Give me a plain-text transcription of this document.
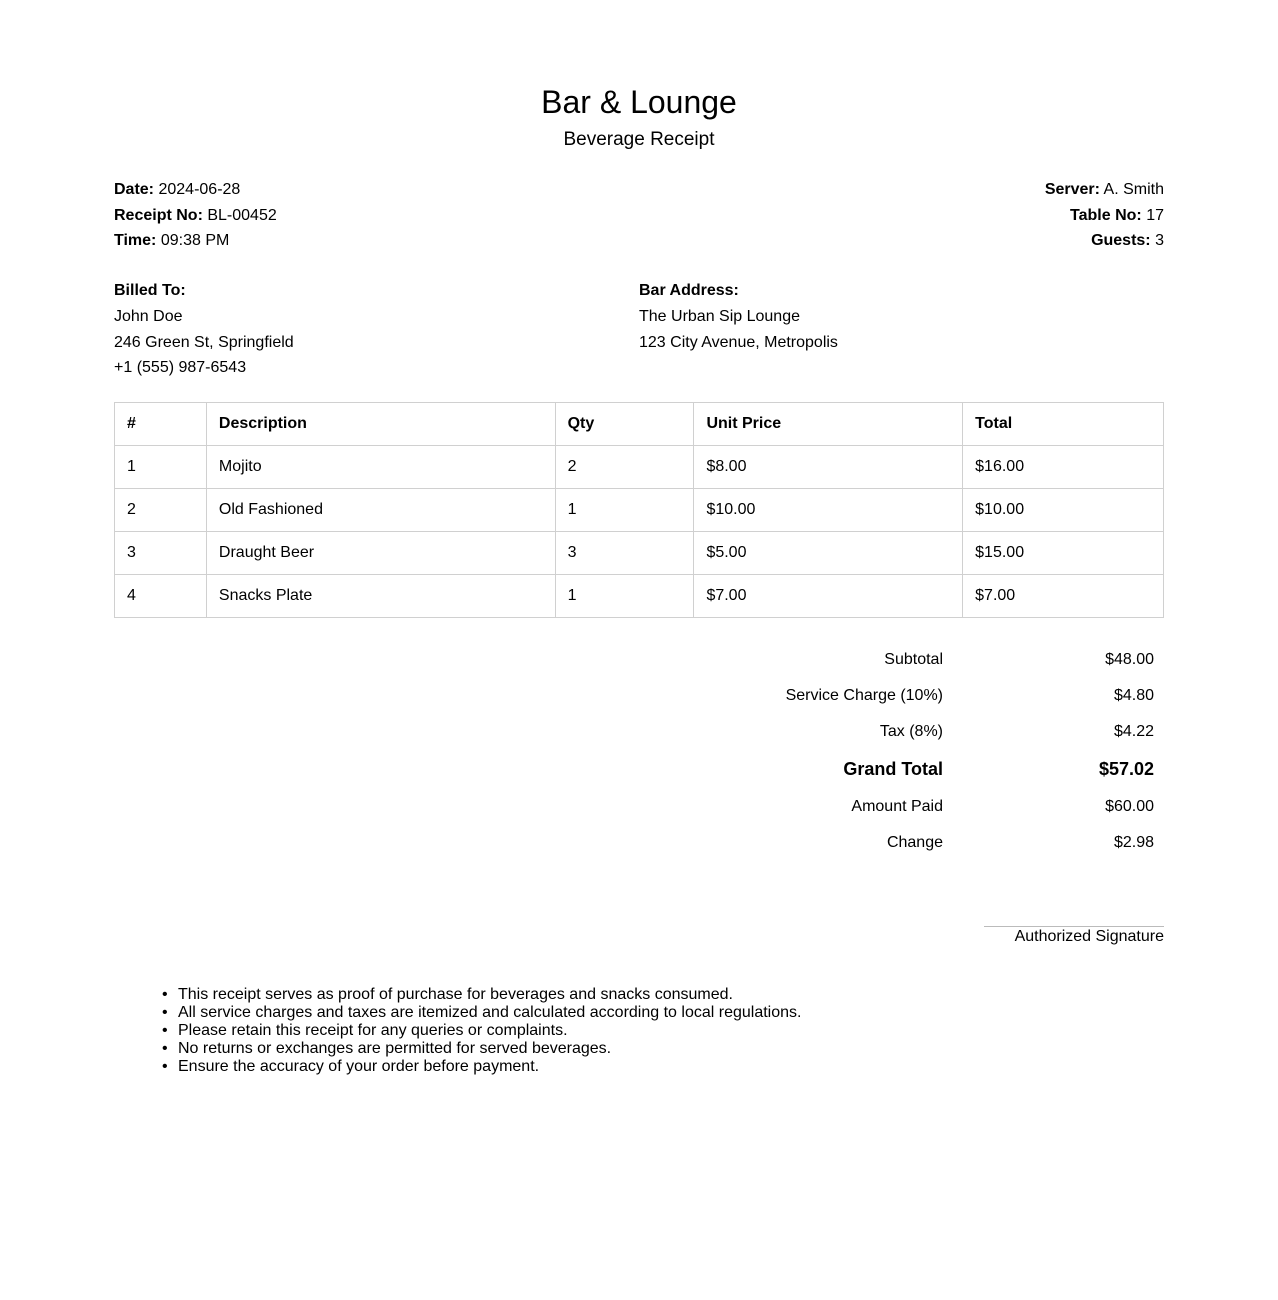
Bar & Lounge
Beverage Receipt
Date: 2024-06-28
Receipt No: BL-00452
Time: 09:38 PM
Server: A. Smith
Table No: 17
Guests: 3
Billed To:
John Doe
246 Green St, Springfield
+1 (555) 987-6543
Bar Address:
The Urban Sip Lounge
123 City Avenue, Metropolis
#	Description	Qty	Unit Price	Total
1	Mojito	2	$8.00	$16.00
2	Old Fashioned	1	$10.00	$10.00
3	Draught Beer	3	$5.00	$15.00
4	Snacks Plate	1	$7.00	$7.00
Subtotal	$48.00
Service Charge (10%)	$4.80
Tax (8%)	$4.22
Grand Total	$57.02
Amount Paid	$60.00
Change	$2.98
Authorized Signature
• This receipt serves as proof of purchase for beverages and snacks consumed.
• All service charges and taxes are itemized and calculated according to local regulations.
• Please retain this receipt for any queries or complaints.
• No returns or exchanges are permitted for served beverages.
• Ensure the accuracy of your order before payment.
